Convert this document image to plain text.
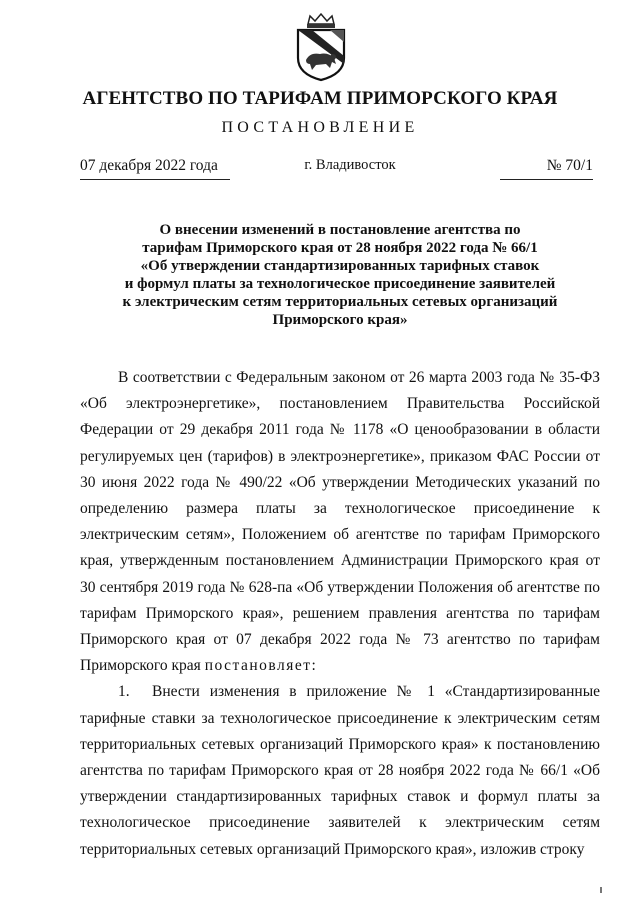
АГЕНТСТВО ПО ТАРИФАМ ПРИМОРСКОГО КРАЯ
ПОСТАНОВЛЕНИЕ
07 декабря 2022 года	г. Владивосток	№ 70/1
О внесении изменений в постановление агентства по
тарифам Приморского края от 28 ноября 2022 года № 66/1
«Об утверждении стандартизированных тарифных ставок
и формул платы за технологическое присоединение заявителей
к электрическим сетям территориальных сетевых организаций
Приморского края»

В соответствии с Федеральным законом от 26 марта 2003 года № 35-ФЗ «Об электроэнергетике», постановлением Правительства Российской Федерации от 29 декабря 2011 года № 1178 «О ценообразовании в области регулируемых цен (тарифов) в электроэнергетике», приказом ФАС России от 30 июня 2022 года № 490/22 «Об утверждении Методических указаний по определению размера платы за технологическое присоединение к электрическим сетям», Положением об агентстве по тарифам Приморского края, утвержденным постановлением Администрации Приморского края от 30 сентября 2019 года № 628-па «Об утверждении Положения об агентстве по тарифам Приморского края», решением правления агентства по тарифам Приморского края от 07 декабря 2022 года № 73 агентство по тарифам Приморского края постановляет:

1. Внести изменения в приложение № 1 «Стандартизированные тарифные ставки за технологическое присоединение к электрическим сетям территориальных сетевых организаций Приморского края» к постановлению агентства по тарифам Приморского края от 28 ноября 2022 года № 66/1 «Об утверждении стандартизированных тарифных ставок и формул платы за технологическое присоединение заявителей к электрическим сетям территориальных сетевых организаций Приморского края», изложив строку
